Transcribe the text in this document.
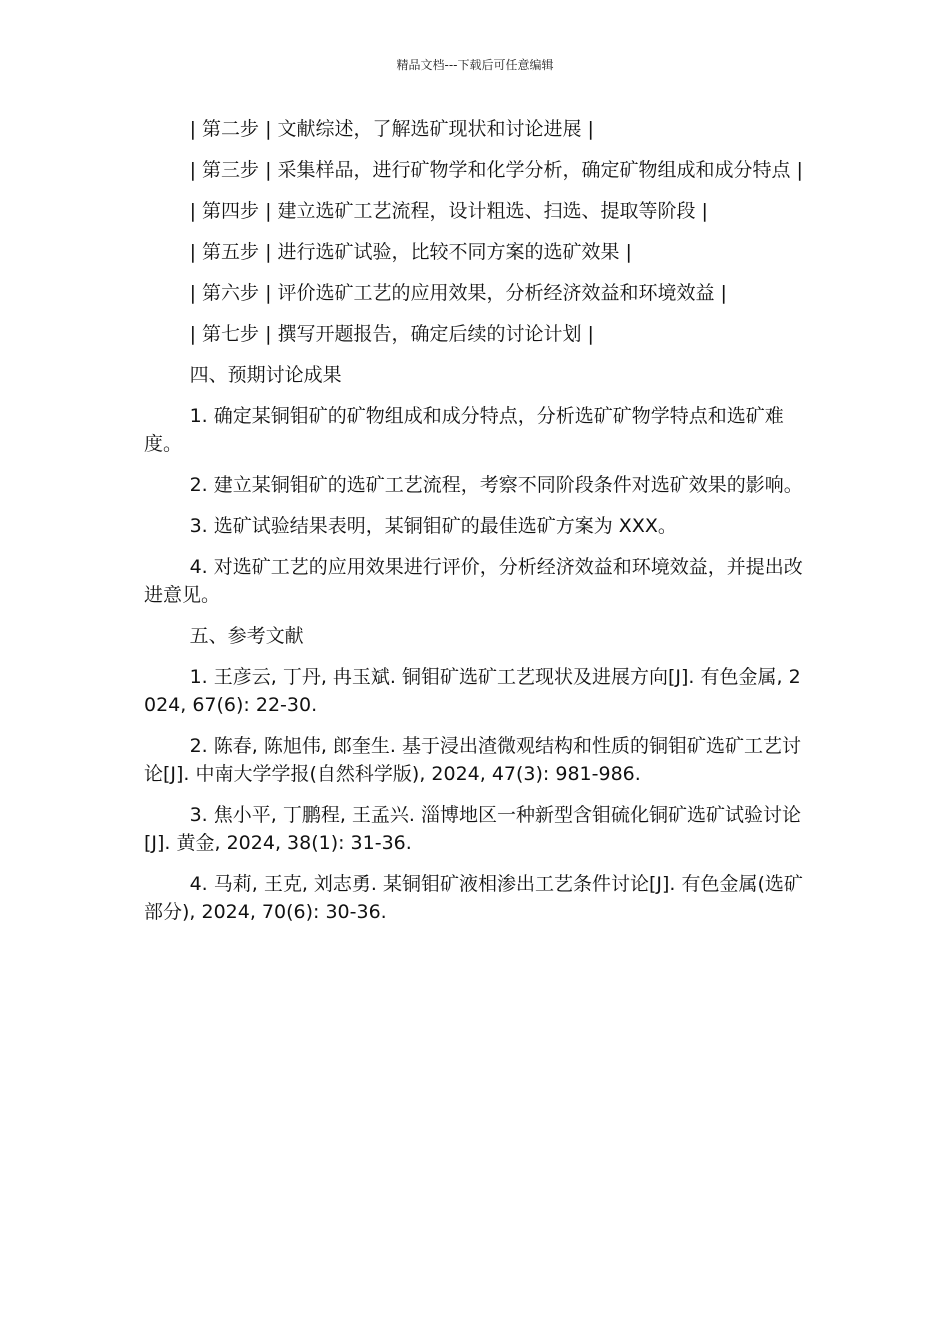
精品文档---下载后可任意编辑

| 第二步 | 文献综述，了解选矿现状和讨论进展 |

| 第三步 | 采集样品，进行矿物学和化学分析，确定矿物组成和成分特点 |

| 第四步 | 建立选矿工艺流程，设计粗选、扫选、提取等阶段 |

| 第五步 | 进行选矿试验，比较不同方案的选矿效果 |

| 第六步 | 评价选矿工艺的应用效果，分析经济效益和环境效益 |

| 第七步 | 撰写开题报告，确定后续的讨论计划 |

四、预期讨论成果

1. 确定某铜钼矿的矿物组成和成分特点，分析选矿矿物学特点和选矿难度。

2. 建立某铜钼矿的选矿工艺流程，考察不同阶段条件对选矿效果的影响。

3. 选矿试验结果表明，某铜钼矿的最佳选矿方案为 XXX。

4. 对选矿工艺的应用效果进行评价，分析经济效益和环境效益，并提出改进意见。

五、参考文献

1. 王彦云, 丁丹, 冉玉斌. 铜钼矿选矿工艺现状及进展方向[J]. 有色金属, 2024, 67(6): 22-30.

2. 陈春, 陈旭伟, 郎奎生. 基于浸出渣微观结构和性质的铜钼矿选矿工艺讨论[J]. 中南大学学报(自然科学版), 2024, 47(3): 981-986.

3. 焦小平, 丁鹏程, 王孟兴. 淄博地区一种新型含钼硫化铜矿选矿试验讨论[J]. 黄金, 2024, 38(1): 31-36.

4. 马莉, 王克, 刘志勇. 某铜钼矿液相渗出工艺条件讨论[J]. 有色金属(选矿部分), 2024, 70(6): 30-36.
